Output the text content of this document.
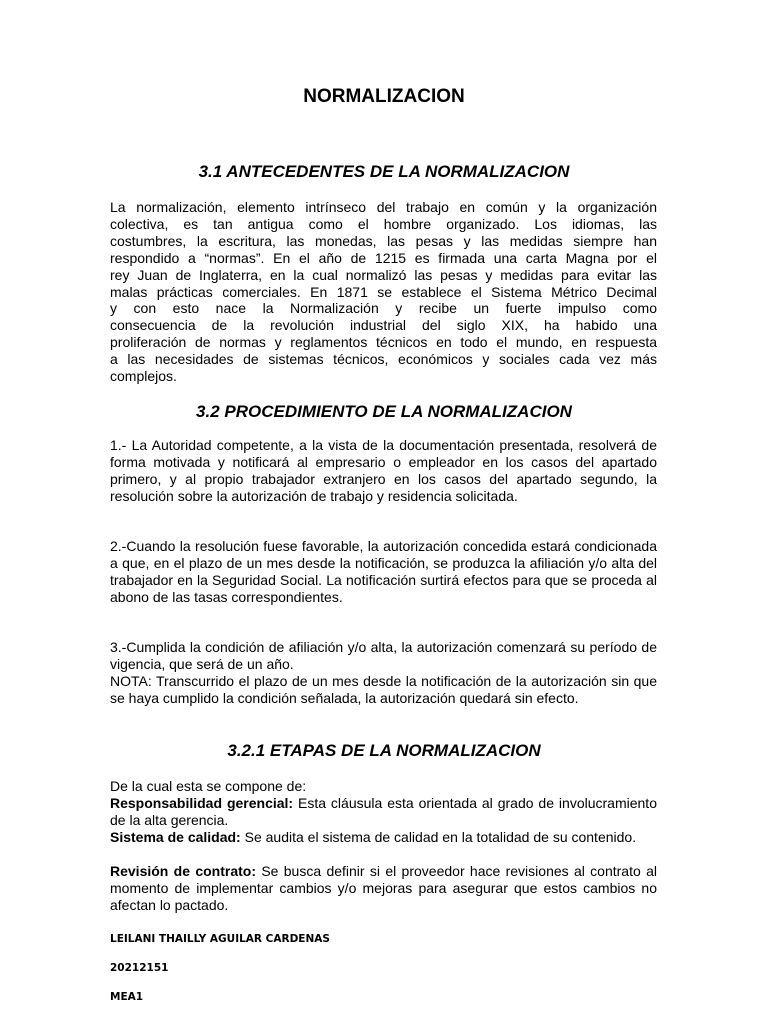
NORMALIZACION
3.1 ANTECEDENTES DE LA NORMALIZACION
La normalización, elemento intrínseco del trabajo en común y la organización
colectiva, es tan antigua como el hombre organizado. Los idiomas, las
costumbres, la escritura, las monedas, las pesas y las medidas siempre han
respondido a “normas”. En el año de 1215 es firmada una carta Magna por el
rey Juan de Inglaterra, en la cual normalizó las pesas y medidas para evitar las
malas prácticas comerciales. En 1871 se establece el Sistema Métrico Decimal
y con esto nace la Normalización y recibe un fuerte impulso como
consecuencia de la revolución industrial del siglo XIX, ha habido una
proliferación de normas y reglamentos técnicos en todo el mundo, en respuesta
a las necesidades de sistemas técnicos, económicos y sociales cada vez más
complejos.
3.2 PROCEDIMIENTO DE LA NORMALIZACION

1.- La Autoridad competente, a la vista de la documentación presentada, resolverá de forma motivada y notificará al empresario o empleador en los casos del apartado primero, y al propio trabajador extranjero en los casos del apartado segundo, la resolución sobre la autorización de trabajo y residencia solicitada.

2.-Cuando la resolución fuese favorable, la autorización concedida estará condicionada a que, en el plazo de un mes desde la notificación, se produzca la afiliación y/o alta del trabajador en la Seguridad Social. La notificación surtirá efectos para que se proceda al abono de las tasas correspondientes.

3.-Cumplida la condición de afiliación y/o alta, la autorización comenzará su período de vigencia, que será de un año.

NOTA: Transcurrido el plazo de un mes desde la notificación de la autorización sin que se haya cumplido la condición señalada, la autorización quedará sin efecto.

3.2.1 ETAPAS DE LA NORMALIZACION

De la cual esta se compone de:

Responsabilidad gerencial: Esta cláusula esta orientada al grado de involucramiento de la alta gerencia.

Sistema de calidad: Se audita el sistema de calidad en la totalidad de su contenido.

Revisión de contrato: Se busca definir si el proveedor hace revisiones al contrato al momento de implementar cambios y/o mejoras para asegurar que estos cambios no afectan lo pactado.

LEILANI THAILLY AGUILAR CARDENAS

20212151

MEA1
